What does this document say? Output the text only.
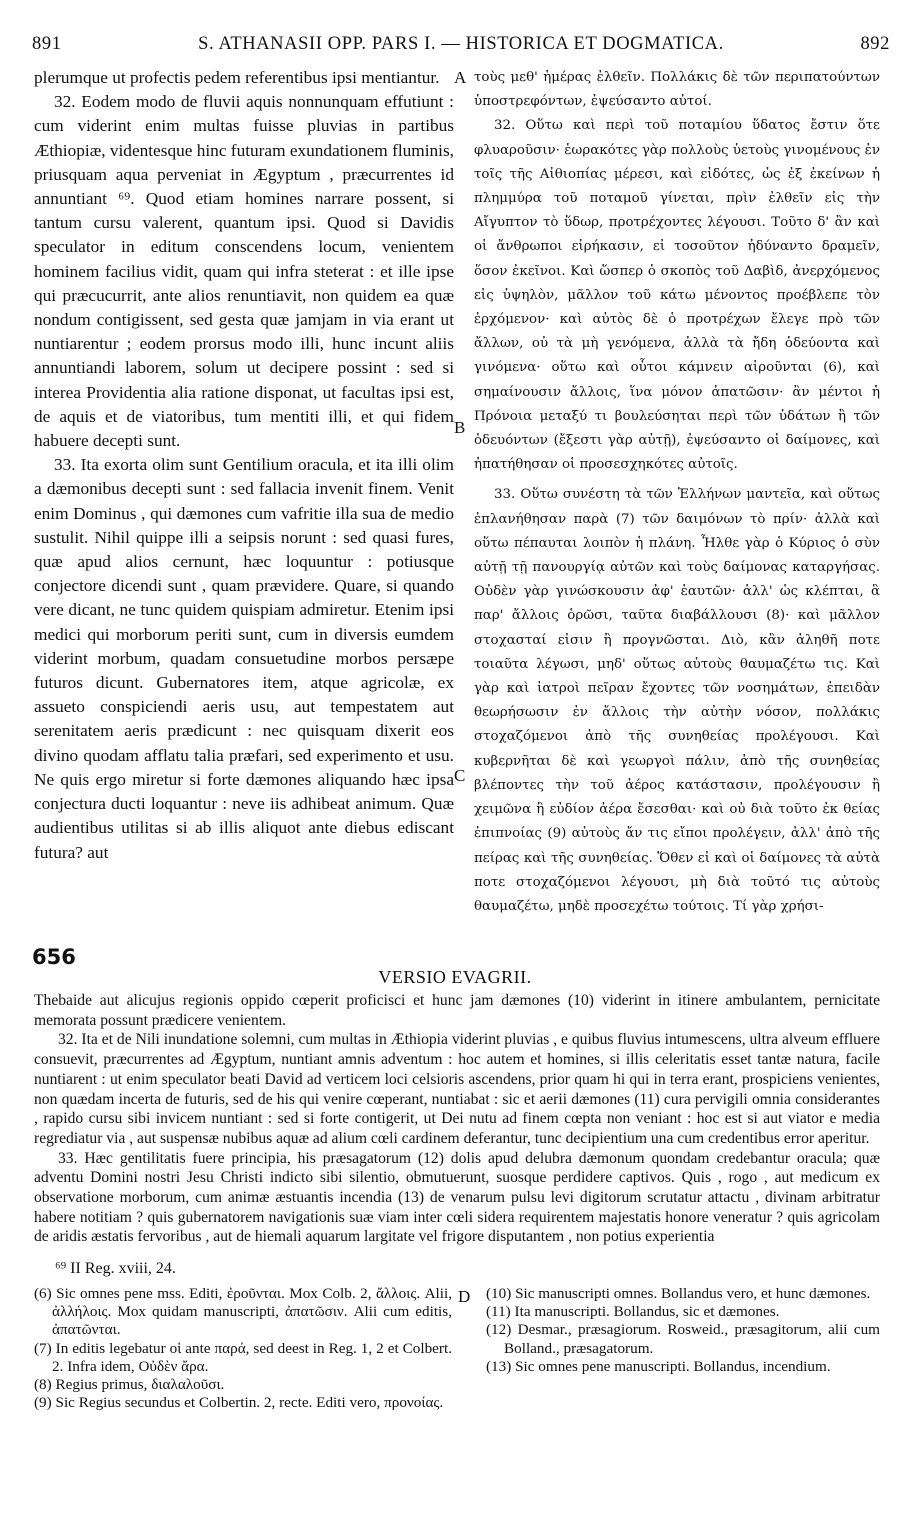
891	S. ATHANASII OPP. PARS I. — HISTORICA ET DOGMATICA.	892

plerumque ut profectis pedem referentibus ipsi mentiantur.

32. Eodem modo de fluvii aquis nonnunquam effutiunt : cum viderint enim multas fuisse pluvias in partibus Æthiopiæ, videntesque hinc futuram exundationem fluminis, priusquam aqua perveniat in Ægyptum , præcurrentes id annuntiant ⁶⁹. Quod etiam homines narrare possent, si tantum cursu valerent, quantum ipsi. Quod si Davidis speculator in editum conscendens locum, venientem hominem facilius vidit, quam qui infra steterat : et ille ipse qui præcucurrit, ante alios renuntiavit, non quidem ea quæ nondum contigissent, sed gesta quæ jamjam in via erant ut nuntiarentur ; eodem prorsus modo illi, hunc incunt aliis annuntiandi laborem, solum ut decipere possint : sed si interea Providentia alia ratione disponat, ut facultas ipsi est, de aquis et de viatoribus, tum mentiti illi, et qui fidem habuere decepti sunt.

33. Ita exorta olim sunt Gentilium oracula, et ita illi olim a dæmonibus decepti sunt : sed fallacia invenit finem. Venit enim Dominus , qui dæmones cum vafritie illa sua de medio sustulit. Nihil quippe illi a seipsis norunt : sed quasi fures, quæ apud alios cernunt, hæc loquuntur : potiusque conjectore dicendi sunt , quam prævidere. Quare, si quando vere dicant, ne tunc quidem quispiam admiretur. Etenim ipsi medici qui morborum periti sunt, cum in diversis eumdem viderint morbum, quadam consuetudine morbos persæpe futuros dicunt. Gubernatores item, atque agricolæ, ex assueto conspiciendi aeris usu, aut tempestatem aut serenitatem aeris prædicunt : nec quisquam dixerit eos divino quodam afflatu talia præfari, sed experimento et usu. Ne quis ergo miretur si forte dæmones aliquando hæc ipsa conjectura ducti loquantur : neve iis adhibeat animum. Quæ audientibus utilitas si ab illis aliquot ante diebus ediscant futura? aut

τοὺς μεθ' ἡμέρας ἐλθεῖν. Πολλάκις δὲ τῶν περιπατούντων ὑποστρεφόντων, ἐψεύσαντο αὐτοί.

32. Οὕτω καὶ περὶ τοῦ ποταμίου ὕδατος ἔστιν ὅτε φλυαροῦσιν· ἑωρακότες γὰρ πολλοὺς ὑετοὺς γινομένους ἐν τοῖς τῆς Αἰθιοπίας μέρεσι, καὶ εἰδότες, ὡς ἐξ ἐκείνων ἡ πλημμύρα τοῦ ποταμοῦ γίνεται, πρὶν ἐλθεῖν εἰς τὴν Αἴγυπτον τὸ ὕδωρ, προτρέχοντες λέγουσι. Τοῦτο δ' ἂν καὶ οἱ ἄνθρωποι εἰρήκασιν, εἰ τοσοῦτον ἠδύναντο δραμεῖν, ὅσον ἐκεῖνοι. Καὶ ὥσπερ ὁ σκοπὸς τοῦ Δαβὶδ, ἀνερχόμενος εἰς ὑψηλὸν, μᾶλλον τοῦ κάτω μένοντος προέβλεπε τὸν ἐρχόμενον· καὶ αὐτὸς δὲ ὁ προτρέχων ἔλεγε πρὸ τῶν ἄλλων, οὐ τὰ μὴ γενόμενα, ἀλλὰ τὰ ἤδη ὁδεύοντα καὶ γινόμενα· οὕτω καὶ οὗτοι κάμνειν αἱροῦνται (6), καὶ σημαίνουσιν ἄλλοις, ἵνα μόνον ἀπατῶσιν· ἂν μέντοι ἡ Πρόνοια μεταξύ τι βουλεύσηται περὶ τῶν ὑδάτων ἢ τῶν ὁδευόντων (ἔξεστι γὰρ αὐτῇ), ἐψεύσαντο οἱ δαίμονες, καὶ ἠπατήθησαν οἱ προσεσχηκότες αὐτοῖς.

33. Οὕτω συνέστη τὰ τῶν Ἑλλήνων μαντεῖα, καὶ οὕτως ἐπλανήθησαν παρὰ (7) τῶν δαιμόνων τὸ πρίν· ἀλλὰ καὶ οὕτω πέπαυται λοιπὸν ἡ πλάνη. Ἦλθε γὰρ ὁ Κύριος ὁ σὺν αὐτῇ τῇ πανουργίᾳ αὐτῶν καὶ τοὺς δαίμονας καταργήσας. Οὐδὲν γὰρ γινώσκουσιν ἀφ' ἑαυτῶν· ἀλλ' ὡς κλέπται, ἃ παρ' ἄλλοις ὁρῶσι, ταῦτα διαβάλλουσι (8)· καὶ μᾶλλον στοχασταί εἰσιν ἢ προγνῶσται. Διὸ, κἂν ἀληθῆ ποτε τοιαῦτα λέγωσι, μηδ' οὕτως αὐτοὺς θαυμαζέτω τις. Καὶ γὰρ καὶ ἰατροὶ πεῖραν ἔχοντες τῶν νοσημάτων, ἐπειδὰν θεωρήσωσιν ἐν ἄλλοις τὴν αὐτὴν νόσον, πολλάκις στοχαζόμενοι ἀπὸ τῆς συνηθείας προλέγουσι. Καὶ κυβερνῆται δὲ καὶ γεωργοὶ πάλιν, ἀπὸ τῆς συνηθείας βλέποντες τὴν τοῦ ἀέρος κατάστασιν, προλέγουσιν ἢ χειμῶνα ἢ εὐδίον ἀέρα ἔσεσθαι· καὶ οὐ διὰ τοῦτο ἐκ θείας ἐπιπνοίας (9) αὐτοὺς ἄν τις εἴποι προλέγειν, ἀλλ' ἀπὸ τῆς πείρας καὶ τῆς συνηθείας. Ὅθεν εἰ καὶ οἱ δαίμονες τὰ αὐτὰ ποτε στοχαζόμενοι λέγουσι, μὴ διὰ τοῦτό τις αὐτοὺς θαυμαζέτω, μηδὲ προσεχέτω τούτοις. Τί γὰρ χρήσι-

A
B
C
D
656
VERSIO EVAGRII.

Thebaide aut alicujus regionis oppido cœperit proficisci et hunc jam dæmones (10) viderint in itinere ambulantem, pernicitate memorata possunt prædicere venientem.

32. Ita et de Nili inundatione solemni, cum multas in Æthiopia viderint pluvias , e quibus fluvius intumescens, ultra alveum effluere consuevit, præcurrentes ad Ægyptum, nuntiant amnis adventum : hoc autem et homines, si illis celeritatis esset tantæ natura, facile nuntiarent : ut enim speculator beati David ad verticem loci celsioris ascendens, prior quam hi qui in terra erant, prospiciens venientes, non quædam incerta de futuris, sed de his qui venire cœperant, nuntiabat : sic et aerii dæmones (11) cura pervigili omnia considerantes , rapido cursu sibi invicem nuntiant : sed si forte contigerit, ut Dei nutu ad finem cœpta non veniant : hoc est si aut viator e media regrediatur via , aut suspensæ nubibus aquæ ad alium cœli cardinem deferantur, tunc decipientium una cum credentibus error aperitur.

33. Hæc gentilitatis fuere principia, his præsagatorum (12) dolis apud delubra dæmonum quondam credebantur oracula; quæ adventu Domini nostri Jesu Christi indicto sibi silentio, obmutuerunt, suosque perdidere captivos. Quis , rogo , aut medicum ex observatione morborum, cum animæ æstuantis incendia (13) de venarum pulsu levi digitorum scrutatur attactu , divinam arbitratur habere notitiam ? quis gubernatorem navigationis suæ viam inter cœli sidera requirentem majestatis honore veneratur ? quis agricolam de aridis æstatis fervoribus , aut de hiemali aquarum largitate vel frigore disputantem , non potius experientia

⁶⁹ II Reg. xviii, 24.

(6) Sic omnes pene mss. Editi, ἐροῦνται. Mox Colb. 2, ἄλλοις. Alii, ἀλλήλοις. Mox quidam manuscripti, ἀπατῶσιν. Alii cum editis, ἀπατῶνται.

(7) In editis legebatur οἱ ante παρά, sed deest in Reg. 1, 2 et Colbert. 2. Infra idem, Οὐδὲν ἄρα.

(8) Regius primus, διαλαλοῦσι.

(9) Sic Regius secundus et Colbertin. 2, recte. Editi vero, προνοίας.

(10) Sic manuscripti omnes. Bollandus vero, et hunc dæmones.

(11) Ita manuscripti. Bollandus, sic et dæmones.

(12) Desmar., præsagiorum. Rosweid., præsagitorum, alii cum Bolland., præsagatorum.

(13) Sic omnes pene manuscripti. Bollandus, incendium.
